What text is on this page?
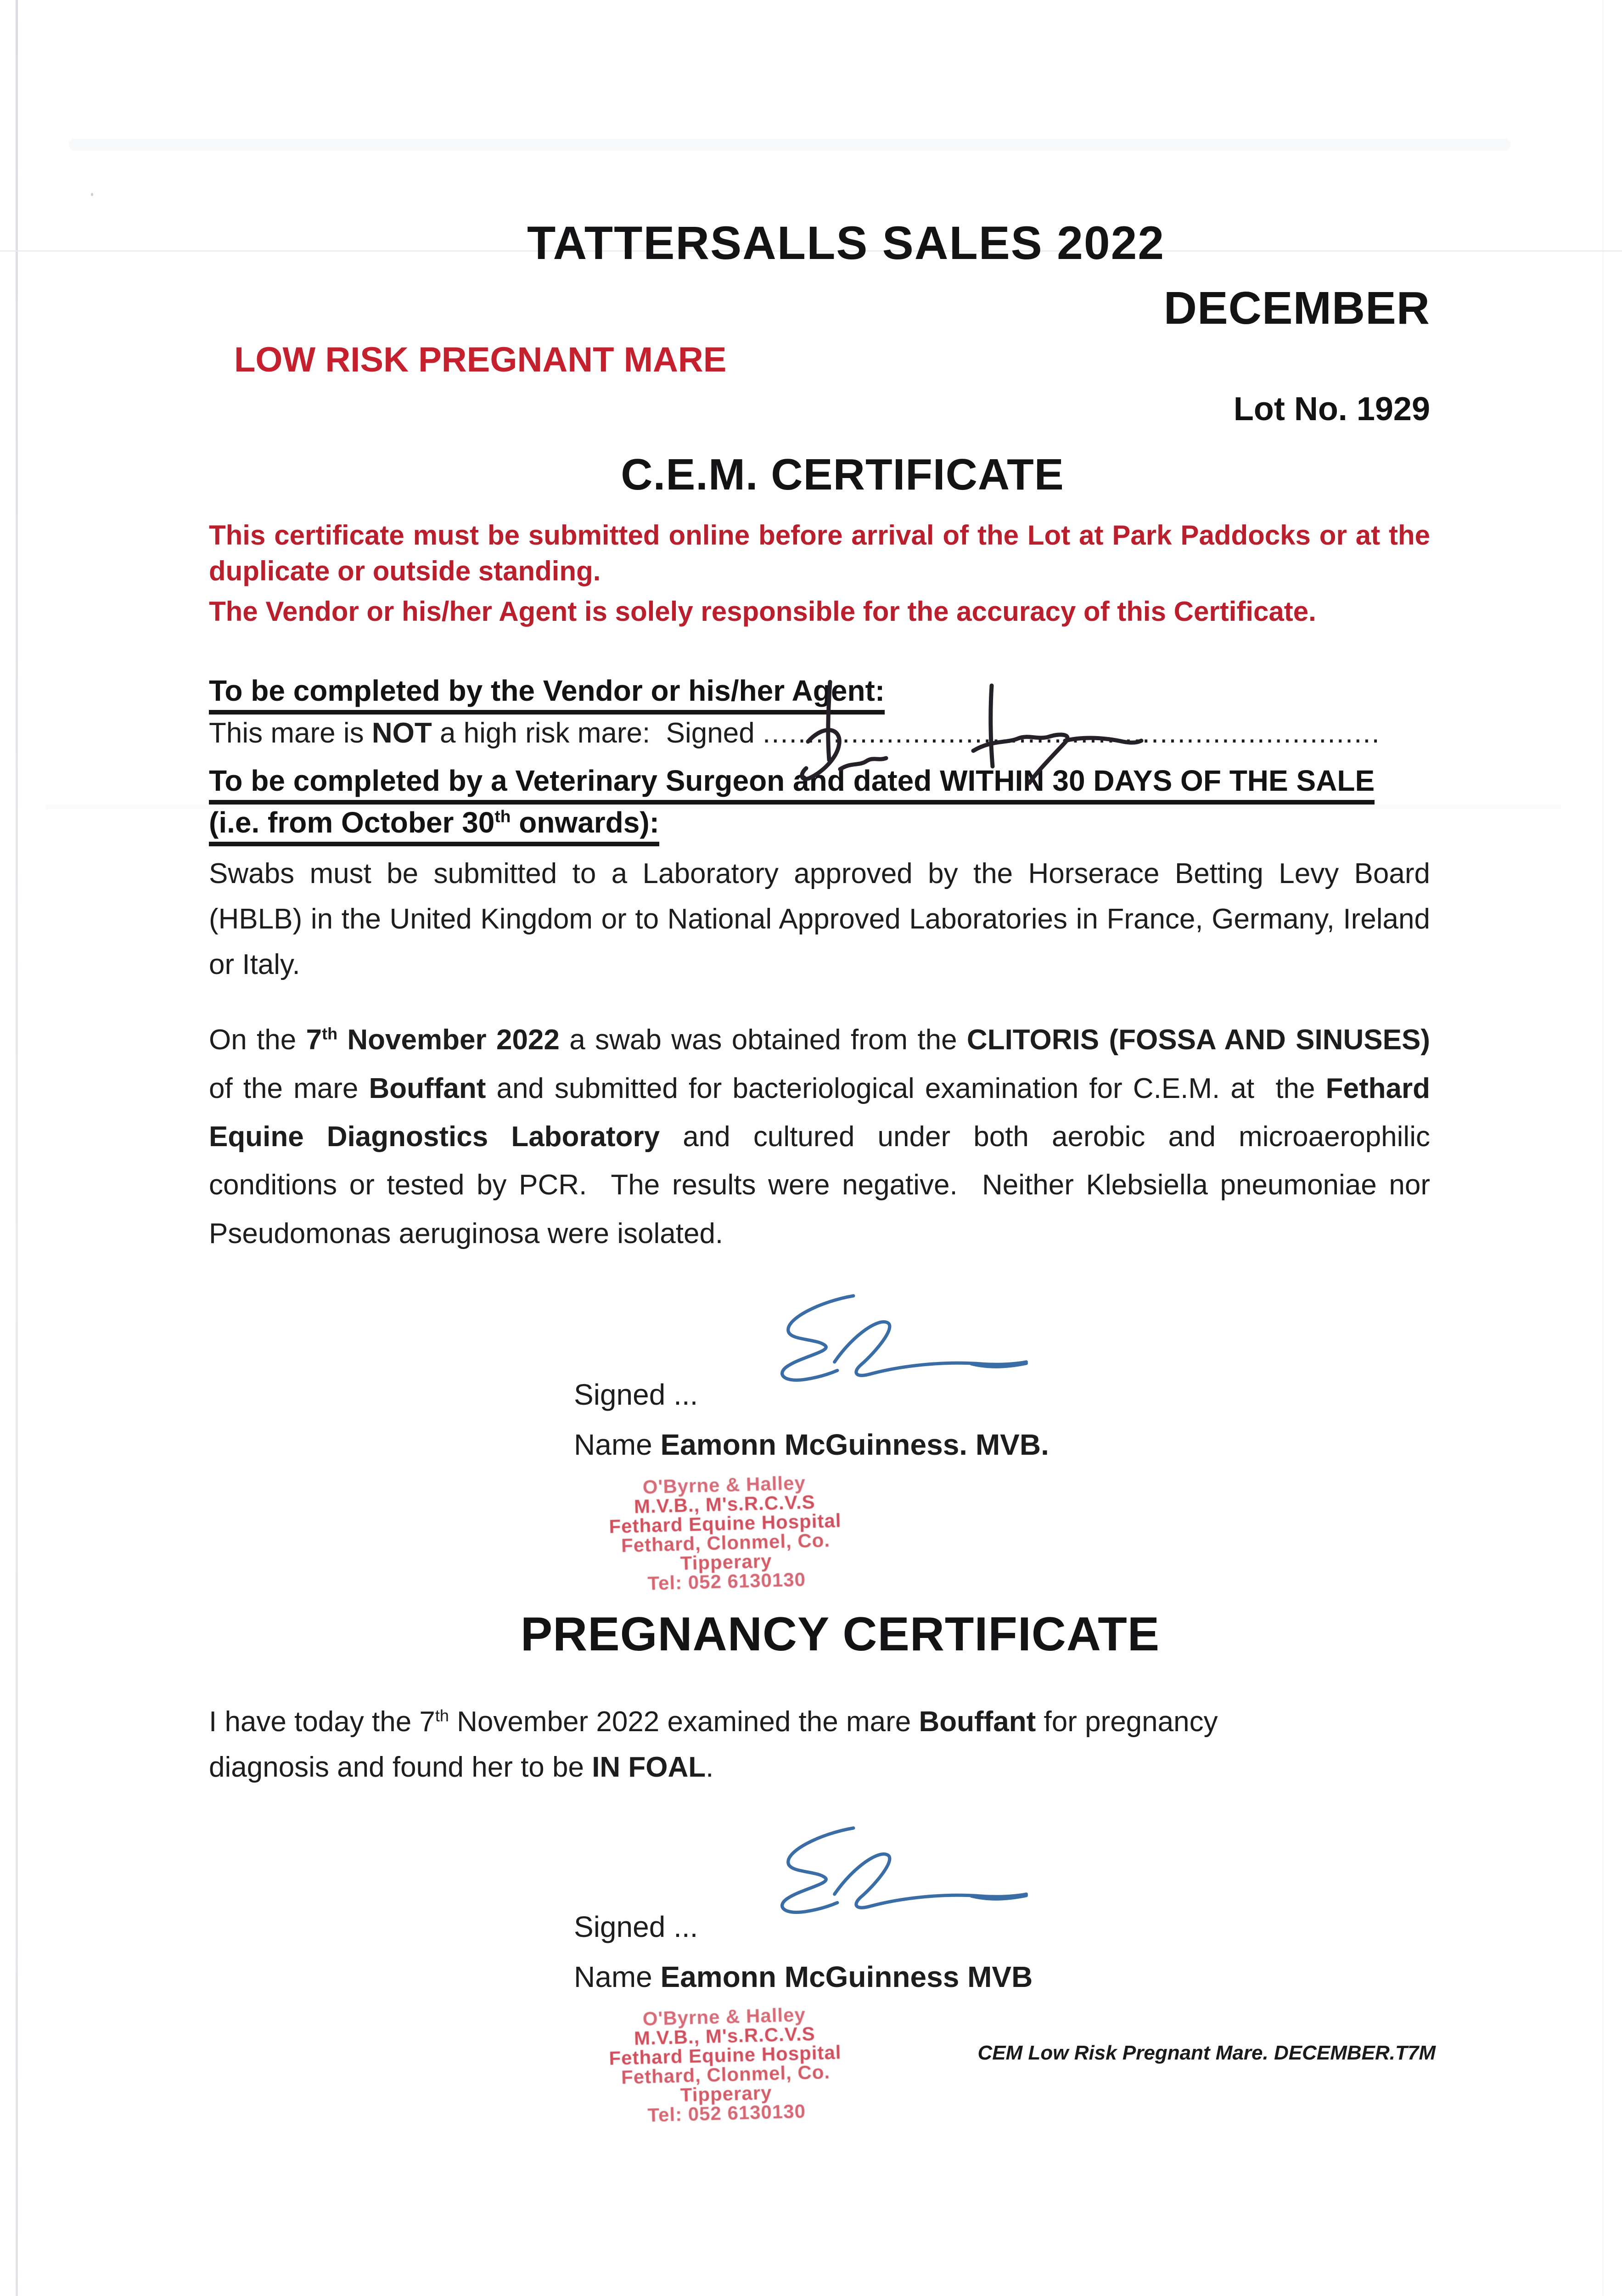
TATTERSALLS SALES 2022
DECEMBER
LOW RISK PREGNANT MARE
Lot No. 1929
C.E.M. CERTIFICATE

This certificate must be submitted online before arrival of the Lot at Park Paddocks or at the duplicate or outside standing.

The Vendor or his/her Agent is solely responsible for the accuracy of this Certificate.

To be completed by the Vendor or his/her Agent:
This mare is NOT a high risk mare:  Signed ......................................................................
To be completed by a Veterinary Surgeon and dated WITHIN 30 DAYS OF THE SALE (i.e. from October 30th onwards):

Swabs must be submitted to a Laboratory approved by the Horserace Betting Levy Board (HBLB) in the United Kingdom or to National Approved Laboratories in France, Germany, Ireland or Italy.

On the 7th November 2022 a swab was obtained from the CLITORIS (FOSSA AND SINUSES) of the mare Bouffant and submitted for bacteriological examination for C.E.M. at  the Fethard Equine Diagnostics Laboratory and cultured under both aerobic and microaerophilic conditions or tested by PCR.  The results were negative.  Neither Klebsiella pneumoniae nor Pseudomonas aeruginosa were isolated.

Signed ...
Name Eamonn McGuinness. MVB.
O'Byrne & Halley
M.V.B., M's.R.C.V.S
Fethard Equine Hospital
Fethard, Clonmel, Co. Tipperary
Tel: 052 6130130
PREGNANCY CERTIFICATE

I have today the 7th November 2022 examined the mare Bouffant for pregnancy diagnosis and found her to be IN FOAL.

Signed ...
Name Eamonn McGuinness MVB
O'Byrne & Halley
M.V.B., M's.R.C.V.S
Fethard Equine Hospital
Fethard, Clonmel, Co. Tipperary
Tel: 052 6130130
CEM Low Risk Pregnant Mare. DECEMBER.T7M
